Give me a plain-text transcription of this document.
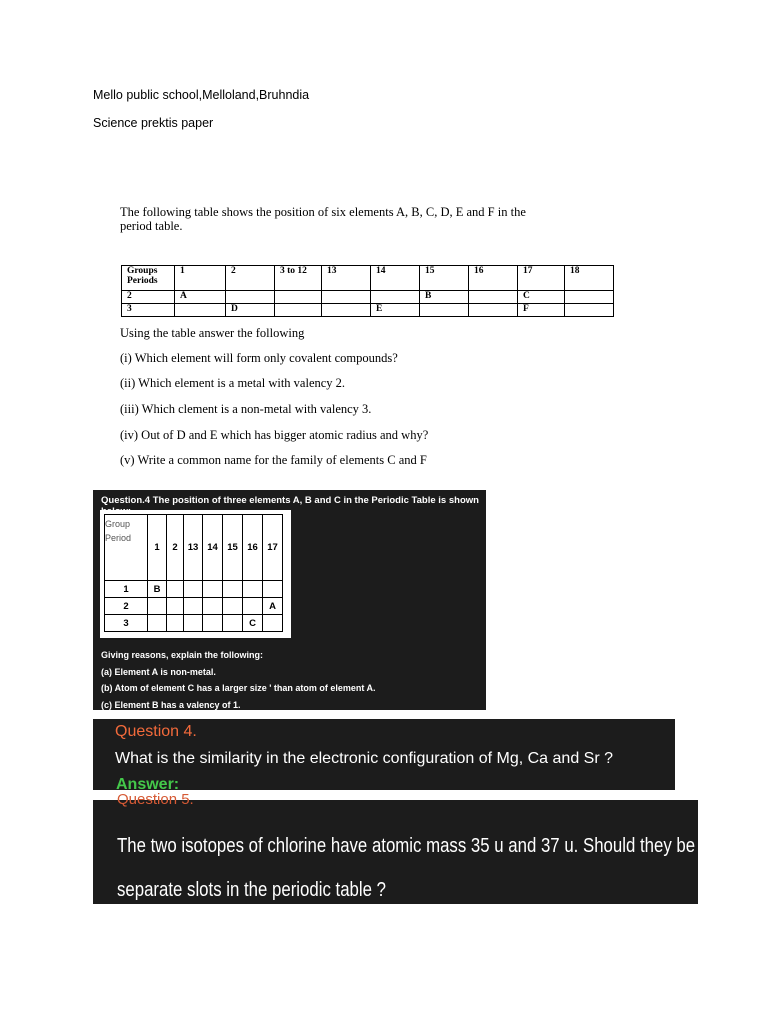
Mello public school,Melloland,Bruhndia
Science prektis paper
The following table shows the position of six elements A, B, C, D, E and F in the
period table.
Groups
Periods	1	2	3 to 12	13	14	15	16	17	18
2	A					B		C	
3		D			E			F	
Using the table answer the following
(i) Which element will form only covalent compounds?
(ii) Which element is a metal with valency 2.
(iii) Which clement is a non-metal with valency 3.
(iv) Out of D and E which has bigger atomic radius and why?
(v) Write a common name for the family of elements C and F
Question.4 The position of three elements A, B and C in the Periodic Table is shown
Group	1	2	13	14	15	16	17
Period							
1	B						
2							A
3						C	
Giving reasons, explain the following:
(a) Element A is non-metal.
(b) Atom of element C has a larger size ' than atom of element A.
(c) Element B has a valency of 1.
Question 4.
What is the similarity in the electronic configuration of Mg, Ca and Sr ?
Answer:
Question 5.
The two isotopes of chlorine have atomic mass 35 u and 37 u. Should they be placed in
separate slots in the periodic table ?
